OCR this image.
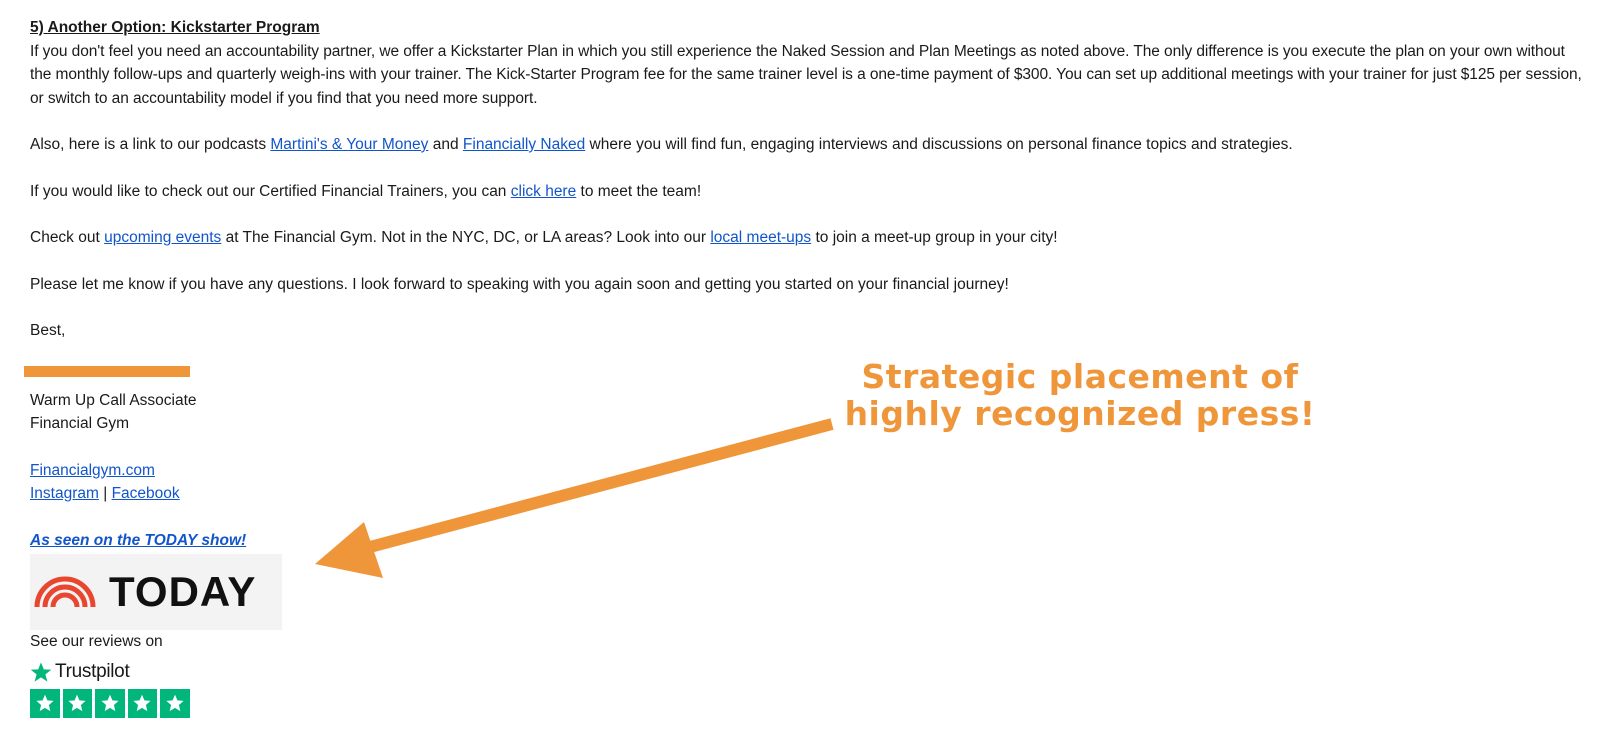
5) Another Option: Kickstarter Program

If you don't feel you need an accountability partner, we offer a Kickstarter Plan in which you still experience the Naked Session and Plan Meetings as noted above. The only difference is you execute the plan on your own without the monthly follow-ups and quarterly weigh-ins with your trainer. The Kick-Starter Program fee for the same trainer level is a one-time payment of $300. You can set up additional meetings with your trainer for just $125 per session, or switch to an accountability model if you find that you need more support.

Also, here is a link to our podcasts Martini's & Your Money and Financially Naked where you will find fun, engaging interviews and discussions on personal finance topics and strategies.

If you would like to check out our Certified Financial Trainers, you can click here to meet the team!

Check out upcoming events at The Financial Gym. Not in the NYC, DC, or LA areas? Look into our local meet-ups to join a meet-up group in your city!

Please let me know if you have any questions. I look forward to speaking with you again soon and getting you started on your financial journey!

Best,

Warm Up Call Associate

Financial Gym

Financialgym.com

Instagram | Facebook

As seen on the TODAY show!

TODAY

See our reviews on

Trustpilot
Strategic placement of
highly recognized press!
